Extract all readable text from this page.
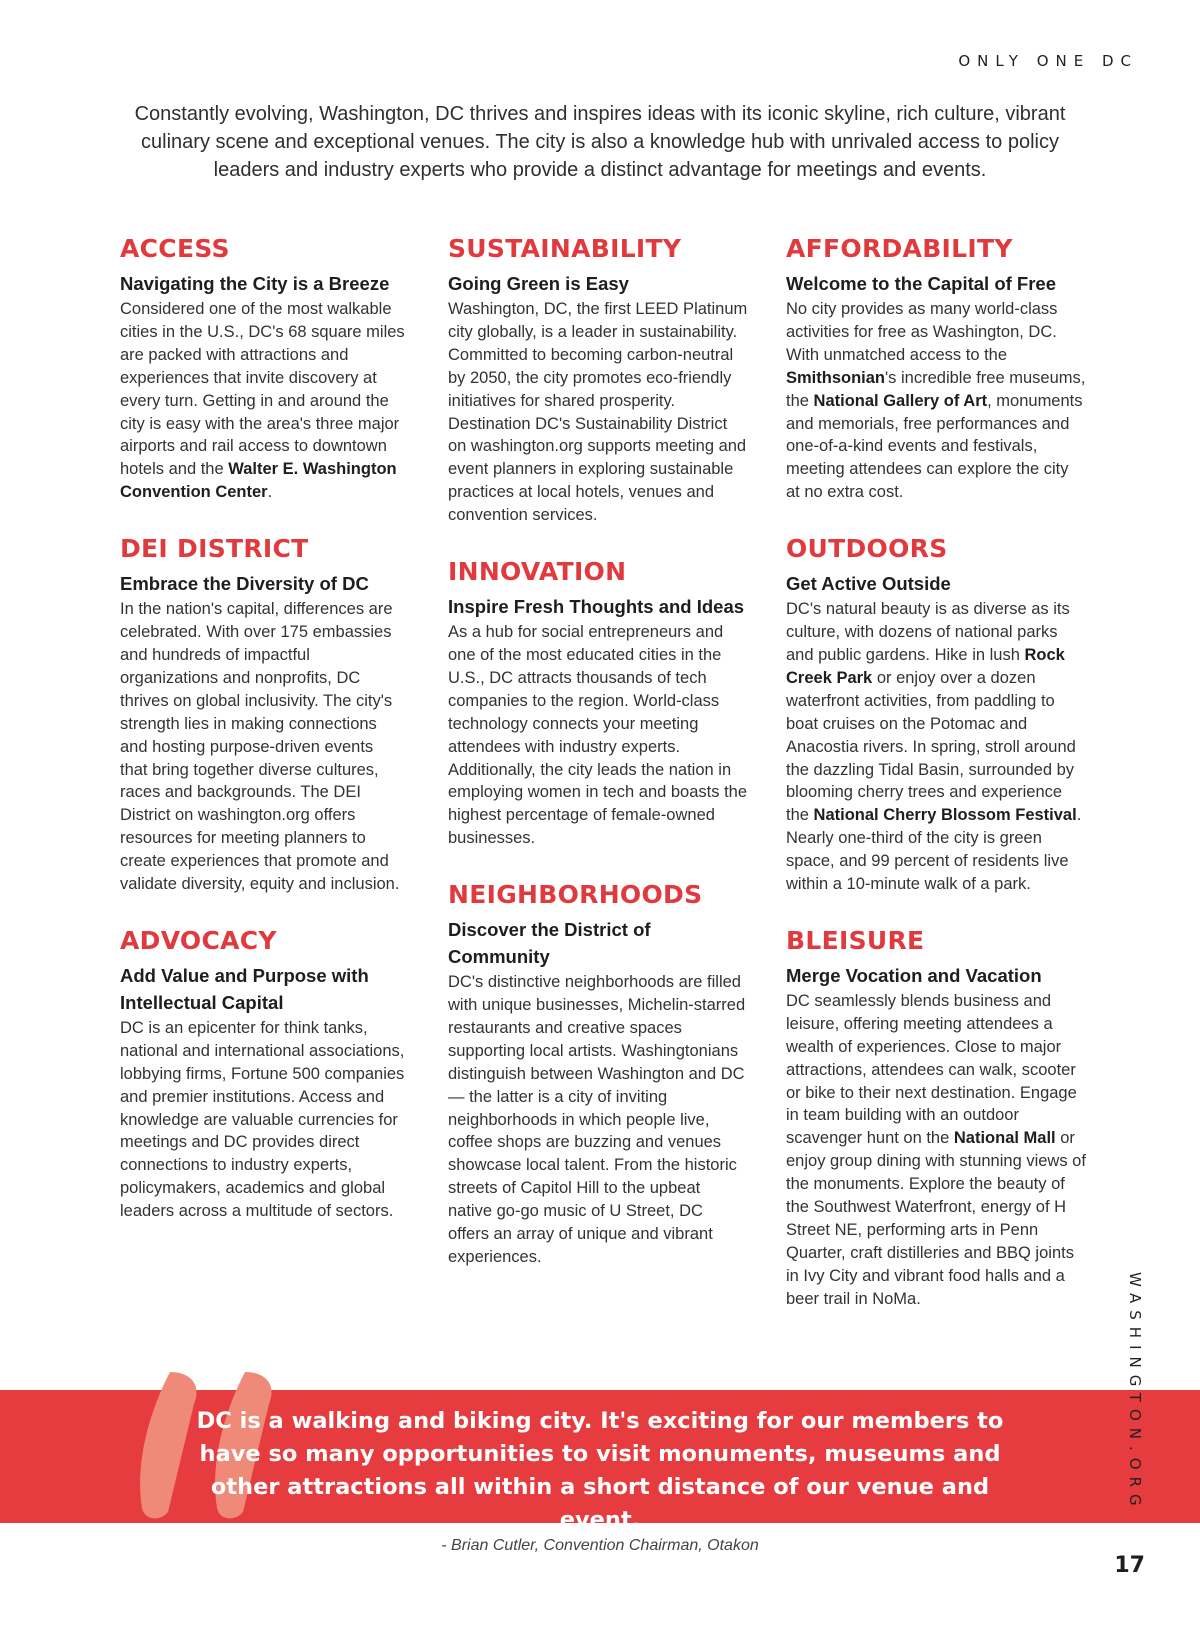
ONLY ONE DC

Constantly evolving, Washington, DC thrives and inspires ideas with its iconic skyline, rich culture, vibrant culinary scene and exceptional venues. The city is also a knowledge hub with unrivaled access to policy leaders and industry experts who provide a distinct advantage for meetings and events.

ACCESS
Navigating the City is a Breeze

Considered one of the most walkable cities in the U.S., DC's 68 square miles are packed with attractions and experiences that invite discovery at every turn. Getting in and around the city is easy with the area's three major airports and rail access to downtown hotels and the Walter E. Washington Convention Center.

DEI DISTRICT
Embrace the Diversity of DC

In the nation's capital, differences are celebrated. With over 175 embassies and hundreds of impactful organizations and nonprofits, DC thrives on global inclusivity. The city's strength lies in making connections and hosting purpose-driven events that bring together diverse cultures, races and backgrounds. The DEI District on washington.org offers resources for meeting planners to create experiences that promote and validate diversity, equity and inclusion.

ADVOCACY
Add Value and Purpose with Intellectual Capital

DC is an epicenter for think tanks, national and international associations, lobbying firms, Fortune 500 companies and premier institutions. Access and knowledge are valuable currencies for meetings and DC provides direct connections to industry experts, policymakers, academics and global leaders across a multitude of sectors.

SUSTAINABILITY
Going Green is Easy

Washington, DC, the first LEED Platinum city globally, is a leader in sustainability. Committed to becoming carbon-neutral by 2050, the city promotes eco-friendly initiatives for shared prosperity. Destination DC's Sustainability District on washington.org supports meeting and event planners in exploring sustainable practices at local hotels, venues and convention services.

INNOVATION
Inspire Fresh Thoughts and Ideas

As a hub for social entrepreneurs and one of the most educated cities in the U.S., DC attracts thousands of tech companies to the region. World-class technology connects your meeting attendees with industry experts. Additionally, the city leads the nation in employing women in tech and boasts the highest percentage of female-owned businesses.

NEIGHBORHOODS
Discover the District of Community

DC's distinctive neighborhoods are filled with unique businesses, Michelin-starred restaurants and creative spaces supporting local artists. Washingtonians distinguish between Washington and DC— the latter is a city of inviting neighborhoods in which people live, coffee shops are buzzing and venues showcase local talent. From the historic streets of Capitol Hill to the upbeat native go-go music of U Street, DC offers an array of unique and vibrant experiences.

AFFORDABILITY
Welcome to the Capital of Free

No city provides as many world-class activities for free as Washington, DC. With unmatched access to the Smithsonian's incredible free museums, the National Gallery of Art, monuments and memorials, free performances and one-of-a-kind events and festivals, meeting attendees can explore the city at no extra cost.

OUTDOORS
Get Active Outside

DC's natural beauty is as diverse as its culture, with dozens of national parks and public gardens. Hike in lush Rock Creek Park or enjoy over a dozen waterfront activities, from paddling to boat cruises on the Potomac and Anacostia rivers. In spring, stroll around the dazzling Tidal Basin, surrounded by blooming cherry trees and experience the National Cherry Blossom Festival. Nearly one-third of the city is green space, and 99 percent of residents live within a 10-minute walk of a park.

BLEISURE
Merge Vocation and Vacation

DC seamlessly blends business and leisure, offering meeting attendees a wealth of experiences. Close to major attractions, attendees can walk, scooter or bike to their next destination. Engage in team building with an outdoor scavenger hunt on the National Mall or enjoy group dining with stunning views of the monuments. Explore the beauty of the Southwest Waterfront, energy of H Street NE, performing arts in Penn Quarter, craft distilleries and BBQ joints in Ivy City and vibrant food halls and a beer trail in NoMa.

DC is a walking and biking city. It's exciting for our members to have so many opportunities to visit monuments, museums and other attractions all within a short distance of our venue and event.

- Brian Cutler, Convention Chairman, Otakon

WASHINGTON.ORG
17
